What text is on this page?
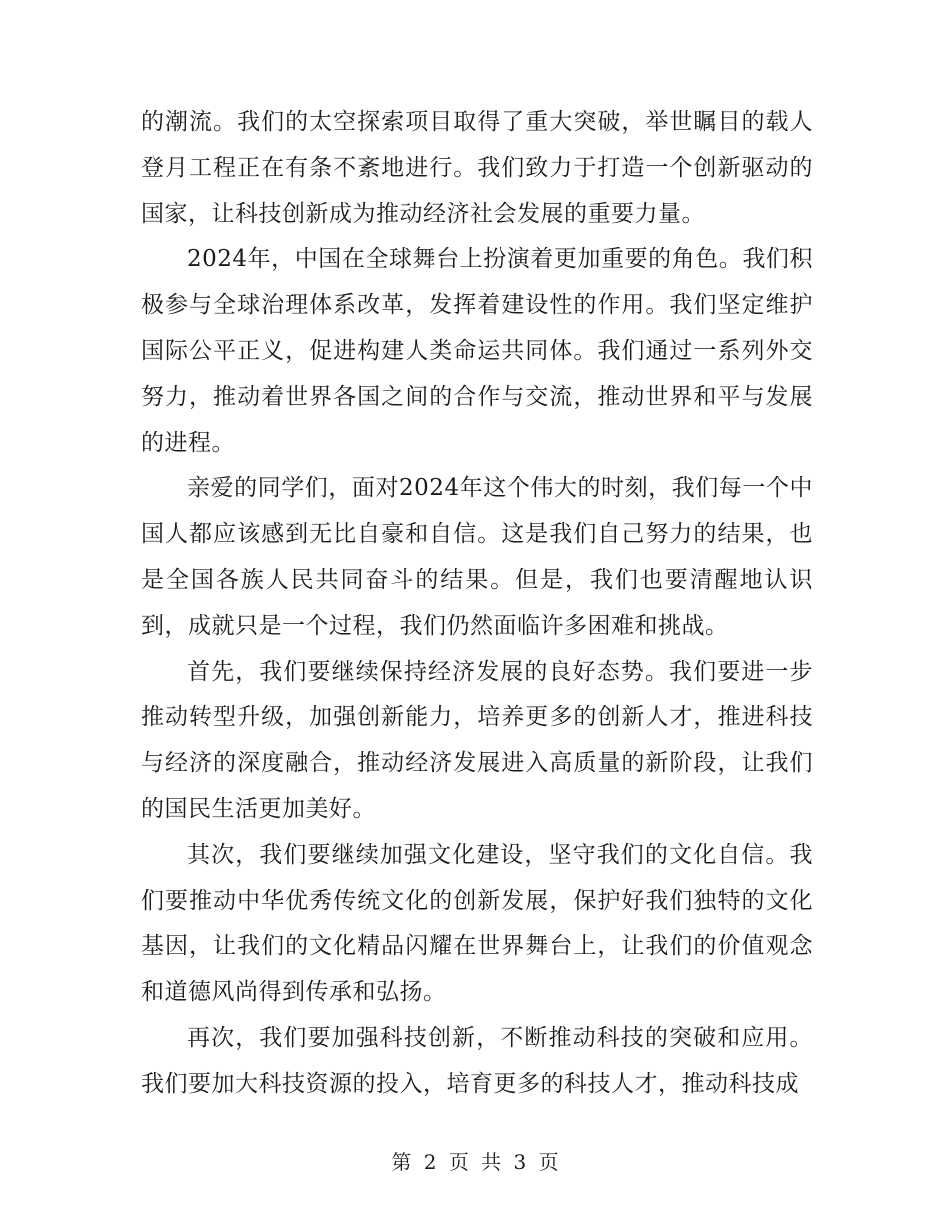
的潮流。我们的太空探索项目取得了重大突破，举世瞩目的载人登月工程正在有条不紊地进行。我们致力于打造一个创新驱动的国家，让科技创新成为推动经济社会发展的重要力量。

2024年，中国在全球舞台上扮演着更加重要的角色。我们积极参与全球治理体系改革，发挥着建设性的作用。我们坚定维护国际公平正义，促进构建人类命运共同体。我们通过一系列外交努力，推动着世界各国之间的合作与交流，推动世界和平与发展的进程。

亲爱的同学们，面对2024年这个伟大的时刻，我们每一个中国人都应该感到无比自豪和自信。这是我们自己努力的结果，也是全国各族人民共同奋斗的结果。但是，我们也要清醒地认识到，成就只是一个过程，我们仍然面临许多困难和挑战。

首先，我们要继续保持经济发展的良好态势。我们要进一步推动转型升级，加强创新能力，培养更多的创新人才，推进科技与经济的深度融合，推动经济发展进入高质量的新阶段，让我们的国民生活更加美好。

其次，我们要继续加强文化建设，坚守我们的文化自信。我们要推动中华优秀传统文化的创新发展，保护好我们独特的文化基因，让我们的文化精品闪耀在世界舞台上，让我们的价值观念和道德风尚得到传承和弘扬。

再次，我们要加强科技创新，不断推动科技的突破和应用。我们要加大科技资源的投入，培育更多的科技人才，推动科技成

第 2 页 共 3 页
